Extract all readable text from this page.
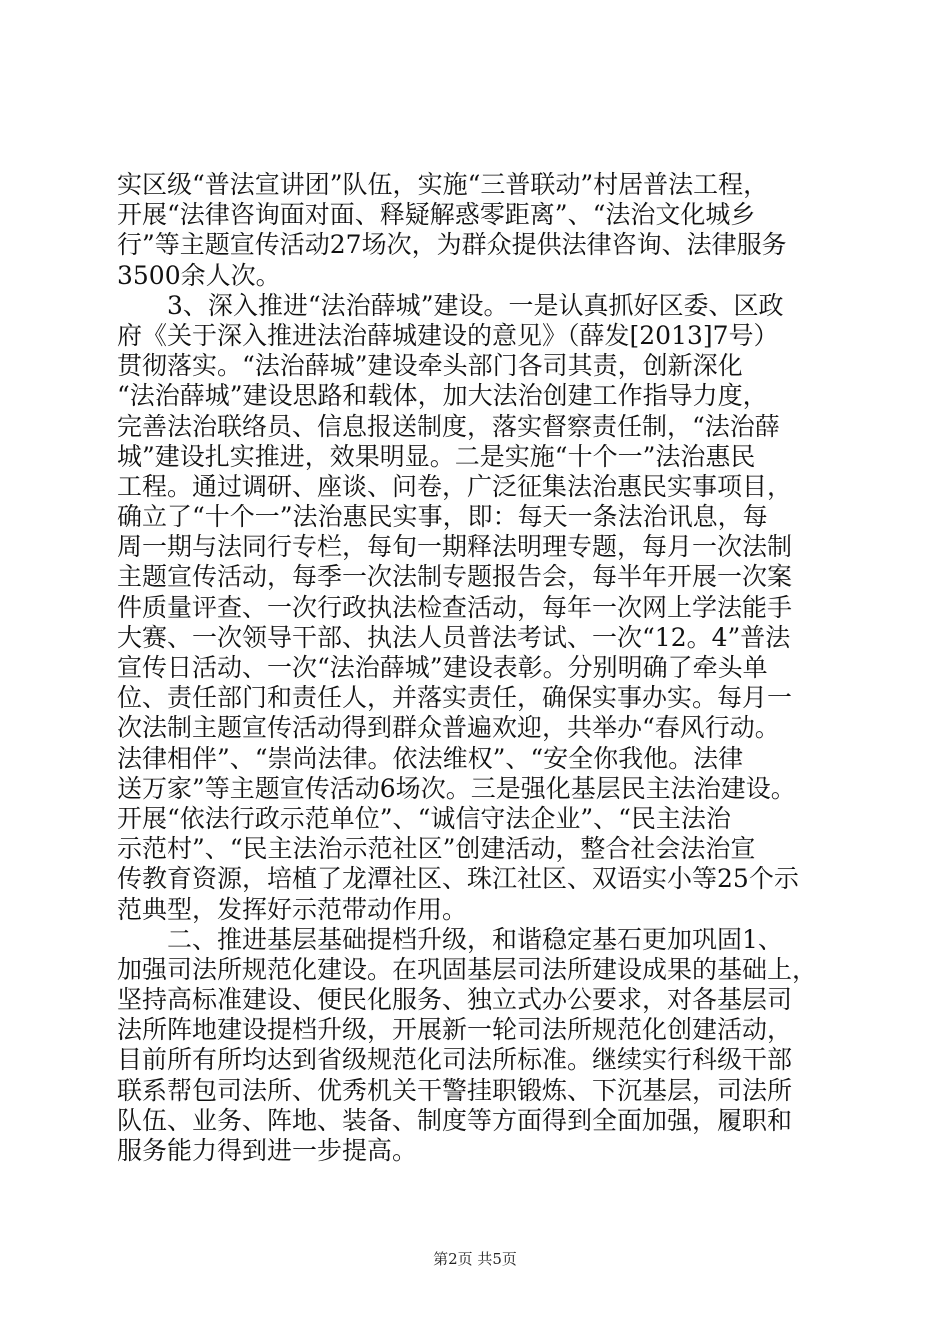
实区级“普法宣讲团”队伍，实施“三普联动”村居普法工程，
开展“法律咨询面对面、释疑解惑零距离”、“法治文化城乡
行”等主题宣传活动27场次，为群众提供法律咨询、法律服务
3500余人次。
　　3、深入推进“法治薛城”建设。一是认真抓好区委、区政
府《关于深入推进法治薛城建设的意见》（薛发[2013]7号）
贯彻落实。“法治薛城”建设牵头部门各司其责，创新深化
“法治薛城”建设思路和载体，加大法治创建工作指导力度，
完善法治联络员、信息报送制度，落实督察责任制，“法治薛
城”建设扎实推进，效果明显。二是实施“十个一”法治惠民
工程。通过调研、座谈、问卷，广泛征集法治惠民实事项目，
确立了“十个一”法治惠民实事，即：每天一条法治讯息，每
周一期与法同行专栏，每旬一期释法明理专题，每月一次法制
主题宣传活动，每季一次法制专题报告会，每半年开展一次案
件质量评查、一次行政执法检查活动，每年一次网上学法能手
大赛、一次领导干部、执法人员普法考试、一次“12。4”普法
宣传日活动、一次“法治薛城”建设表彰。分别明确了牵头单
位、责任部门和责任人，并落实责任，确保实事办实。每月一
次法制主题宣传活动得到群众普遍欢迎，共举办“春风行动。
法律相伴”、“崇尚法律。依法维权”、“安全你我他。法律
送万家”等主题宣传活动6场次。三是强化基层民主法治建设。
开展“依法行政示范单位”、“诚信守法企业”、“民主法治
示范村”、“民主法治示范社区”创建活动，整合社会法治宣
传教育资源，培植了龙潭社区、珠江社区、双语实小等25个示
范典型，发挥好示范带动作用。
　　二、推进基层基础提档升级，和谐稳定基石更加巩固1、
加强司法所规范化建设。在巩固基层司法所建设成果的基础上，
坚持高标准建设、便民化服务、独立式办公要求，对各基层司
法所阵地建设提档升级，开展新一轮司法所规范化创建活动，
目前所有所均达到省级规范化司法所标准。继续实行科级干部
联系帮包司法所、优秀机关干警挂职锻炼、下沉基层，司法所
队伍、业务、阵地、装备、制度等方面得到全面加强，履职和
服务能力得到进一步提高。
第2页 共5页
